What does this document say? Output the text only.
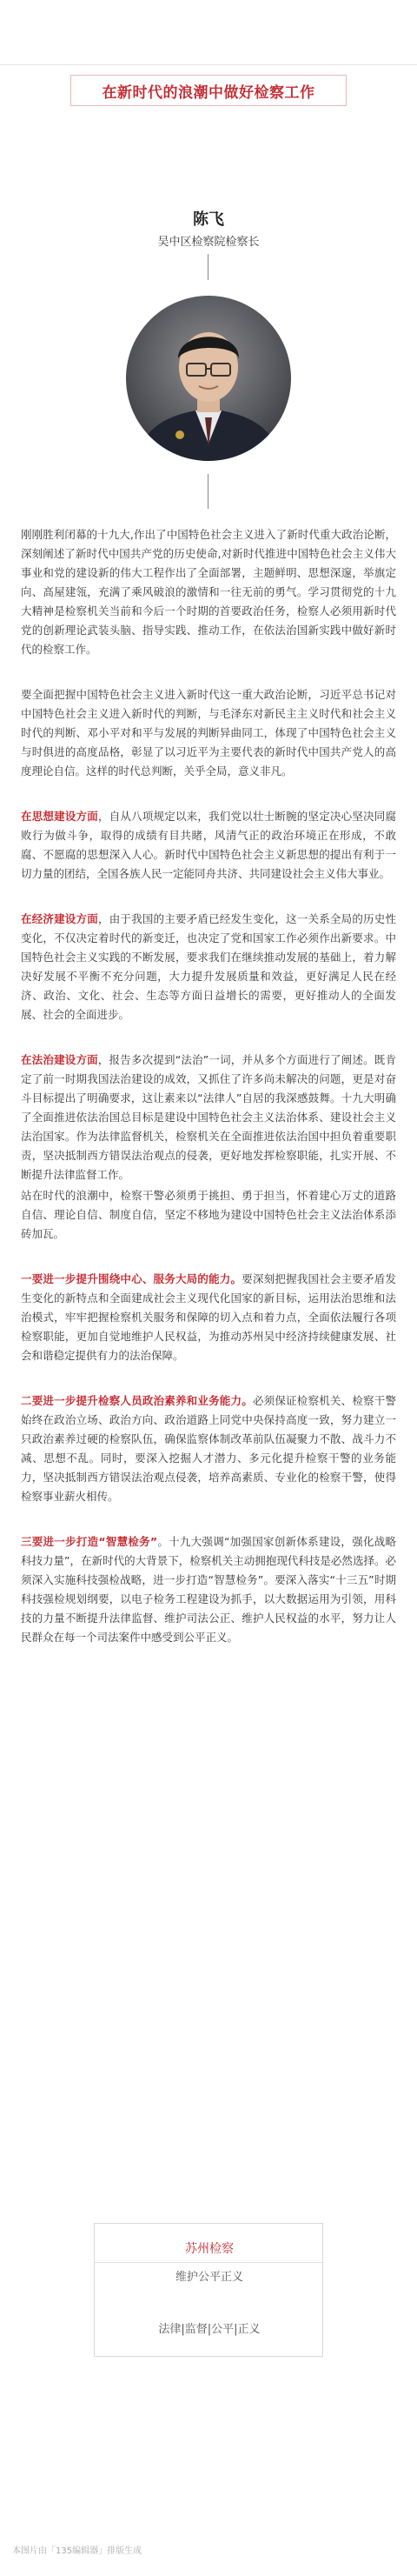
在新时代的浪潮中做好检察工作
陈飞
吴中区检察院检察长

刚刚胜利闭幕的十九大,作出了中国特色社会主义进入了新时代重大政治论断，深刻阐述了新时代中国共产党的历史使命,对新时代推进中国特色社会主义伟大事业和党的建设新的伟大工程作出了全面部署，主题鲜明、思想深邃，举旗定向、高屋建瓴，充满了乘风破浪的激情和一往无前的勇气。学习贯彻党的十九大精神是检察机关当前和今后一个时期的首要政治任务，检察人必须用新时代党的创新理论武装头脑、指导实践、推动工作，在依法治国新实践中做好新时代的检察工作。

要全面把握中国特色社会主义进入新时代这一重大政治论断，习近平总书记对中国特色社会主义进入新时代的判断，与毛泽东对新民主主义时代和社会主义时代的判断、邓小平对和平与发展的判断异曲同工，体现了中国特色社会主义与时俱进的高度品格，彰显了以习近平为主要代表的新时代中国共产党人的高度理论自信。这样的时代总判断，关乎全局，意义非凡。

在思想建设方面，自从八项规定以来，我们党以壮士断腕的坚定决心坚决同腐败行为做斗争，取得的成绩有目共睹，风清气正的政治环境正在形成，不敢腐、不愿腐的思想深入人心。新时代中国特色社会主义新思想的提出有利于一切力量的团结，全国各族人民一定能同舟共济、共同建设社会主义伟大事业。

在经济建设方面，由于我国的主要矛盾已经发生变化，这一关系全局的历史性变化，不仅决定着时代的新变迁，也决定了党和国家工作必须作出新要求。中国特色社会主义实践的不断发展，要求我们在继续推动发展的基础上，着力解决好发展不平衡不充分问题，大力提升发展质量和效益，更好满足人民在经济、政治、文化、社会、生态等方面日益增长的需要，更好推动人的全面发展、社会的全面进步。

在法治建设方面，报告多次提到“法治”一词，并从多个方面进行了阐述。既肯定了前一时期我国法治建设的成效，又抓住了许多尚未解决的问题，更是对奋斗目标提出了明确要求，这让素来以“法律人”自居的我深感鼓舞。十九大明确了全面推进依法治国总目标是建设中国特色社会主义法治体系、建设社会主义法治国家。作为法律监督机关，检察机关在全面推进依法治国中担负着重要职责，坚决抵制西方错误法治观点的侵袭，更好地发挥检察职能，扎实开展、不断提升法律监督工作。

站在时代的浪潮中，检察干警必须勇于挑担、勇于担当，怀着建心万丈的道路自信、理论自信、制度自信，坚定不移地为建设中国特色社会主义法治体系添砖加瓦。

一要进一步提升围绕中心、服务大局的能力。要深刻把握我国社会主要矛盾发生变化的新特点和全面建成社会主义现代化国家的新目标，运用法治思维和法治模式，牢牢把握检察机关服务和保障的切入点和着力点，全面依法履行各项检察职能，更加自觉地维护人民权益，为推动苏州吴中经济持续健康发展、社会和谐稳定提供有力的法治保障。

二要进一步提升检察人员政治素养和业务能力。必须保证检察机关、检察干警始终在政治立场、政治方向、政治道路上同党中央保持高度一致，努力建立一只政治素养过硬的检察队伍，确保监察体制改革前队伍凝聚力不散、战斗力不减、思想不乱。同时，要深入挖掘人才潜力、多元化提升检察干警的业务能力，坚决抵制西方错误法治观点侵袭，培养高素质、专业化的检察干警，使得检察事业薪火相传。

三要进一步打造“智慧检务”。十九大强调“加强国家创新体系建设，强化战略科技力量”，在新时代的大背景下，检察机关主动拥抱现代科技是必然选择。必须深入实施科技强检战略，进一步打造“智慧检务”。要深入落实“十三五”时期科技强检规划纲要，以电子检务工程建设为抓手，以大数据运用为引领，用科技的力量不断提升法律监督、维护司法公正、维护人民权益的水平，努力让人民群众在每一个司法案件中感受到公平正义。

苏州检察
维护公平正义
法律|监督|公平|正义
本图片由「135编辑器」排版生成
